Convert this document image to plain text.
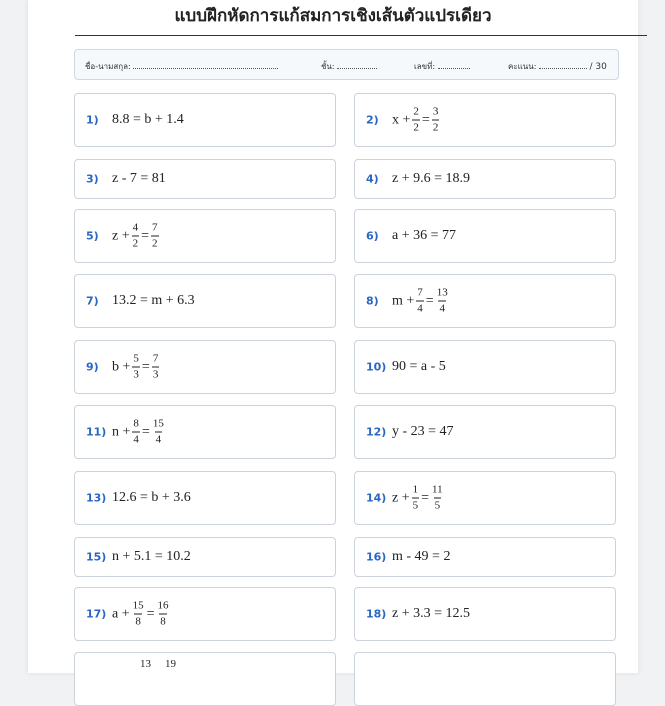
แบบฝึกหัดการแก้สมการเชิงเส้นตัวแปรเดียว
ชื่อ-นามสกุล:	ชั้น:	เลขที่:	คะแนน:	/ 30
1) 8.8 = b + 1.4	2) $x + \frac{2}{2} = \frac{3}{2}$
3) z - 7 = 81	4) z + 9.6 = 18.9
5) $z + \frac{4}{2} = \frac{7}{2}$	6) a + 36 = 77
7) 13.2 = m + 6.3	8) $m + \frac{7}{4} = \frac{13}{4}$
9) $b + \frac{5}{3} = \frac{7}{3}$	10) 90 = a - 5
11) $n + \frac{8}{4} = \frac{15}{4}$	12) y - 23 = 47
13) 12.6 = b + 3.6	14) $z + \frac{1}{5} = \frac{11}{5}$
15) n + 5.1 = 10.2	16) m - 49 = 2
17) $a + \frac{15}{8} = \frac{16}{8}$	18) z + 3.3 = 12.5
13 19
